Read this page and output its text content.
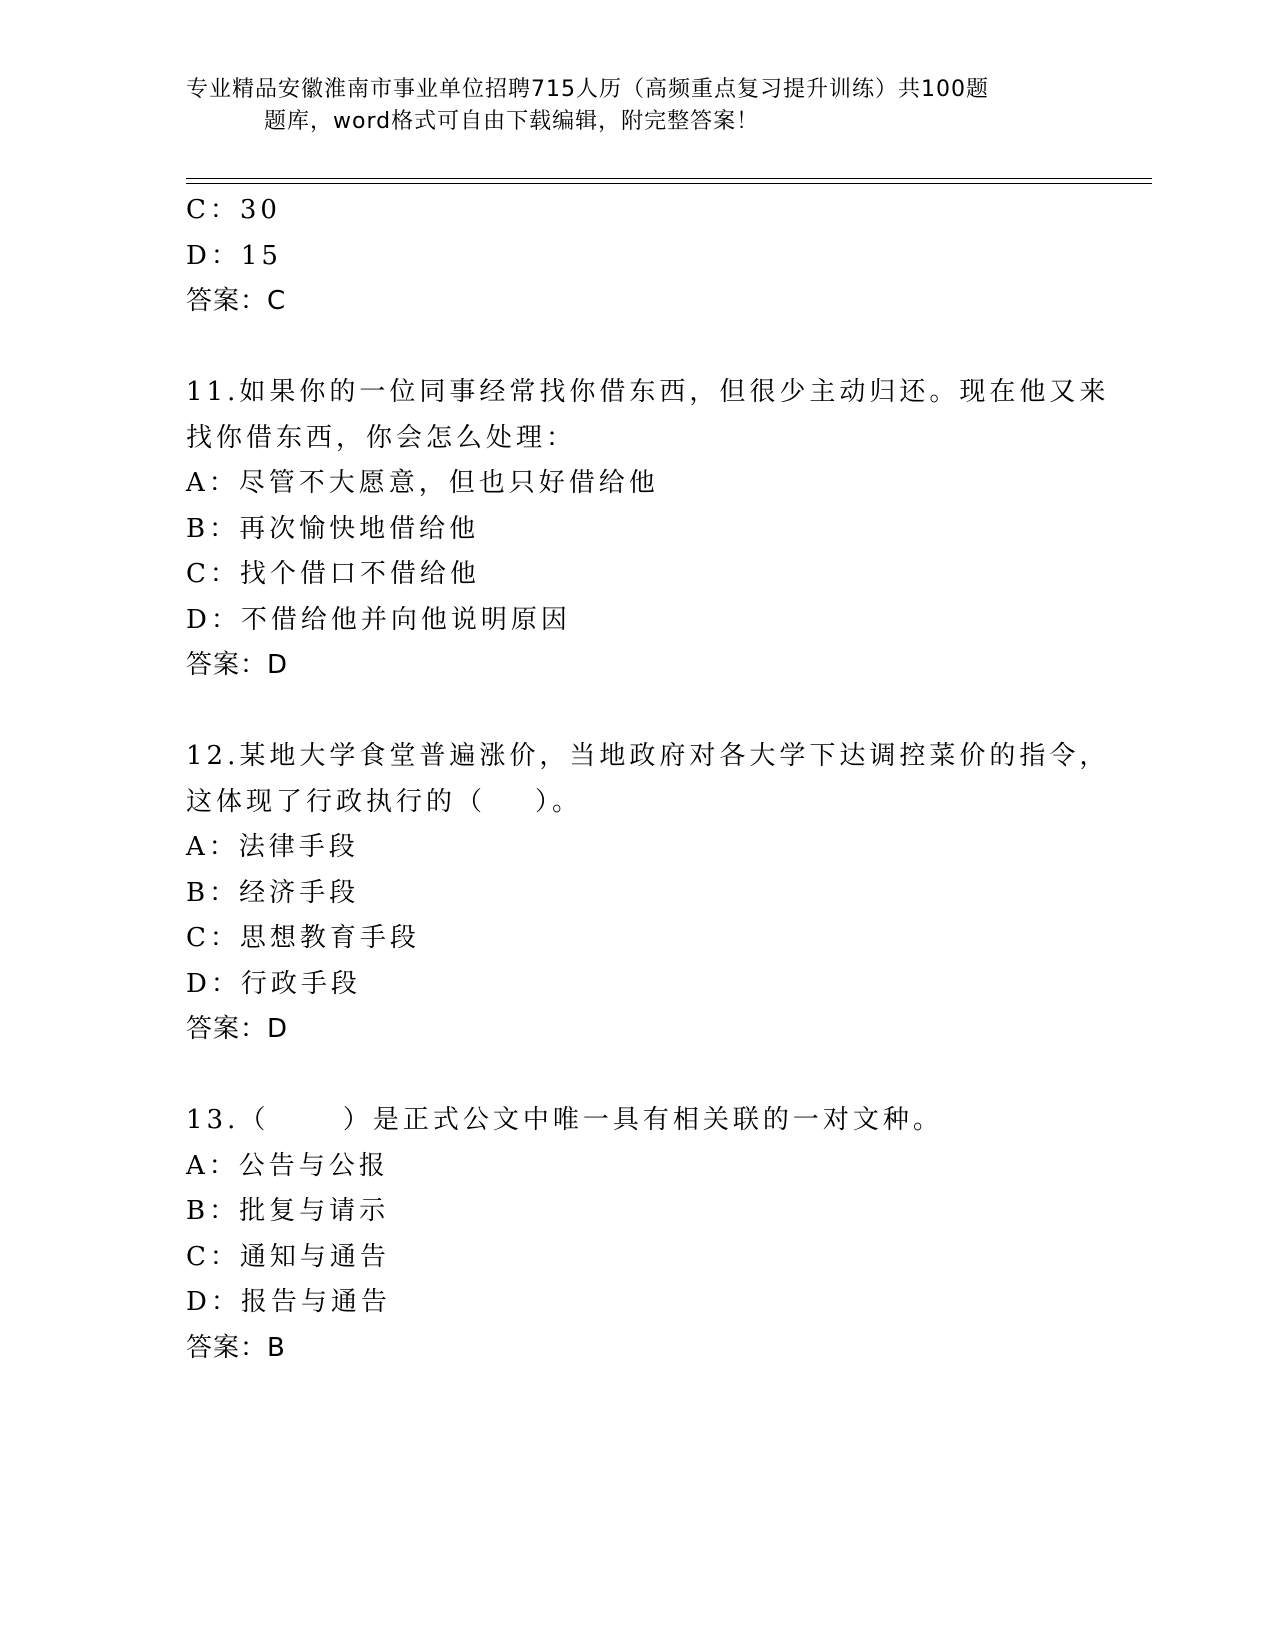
专业精品安徽淮南市事业单位招聘715人历（高频重点复习提升训练）共100题
题库，word格式可自由下载编辑，附完整答案！
C：30
D：15
答案：C
11.如果你的一位同事经常找你借东西，但很少主动归还。现在他又来
找你借东西，你会怎么处理：
A：尽管不大愿意，但也只好借给他
B：再次愉快地借给他
C：找个借口不借给他
D：不借给他并向他说明原因
答案：D
12.某地大学食堂普遍涨价，当地政府对各大学下达调控菜价的指令，
这体现了行政执行的（    ）。
A：法律手段
B：经济手段
C：思想教育手段
D：行政手段
答案：D
13.（      ）是正式公文中唯一具有相关联的一对文种。
A：公告与公报
B：批复与请示
C：通知与通告
D：报告与通告
答案：B
